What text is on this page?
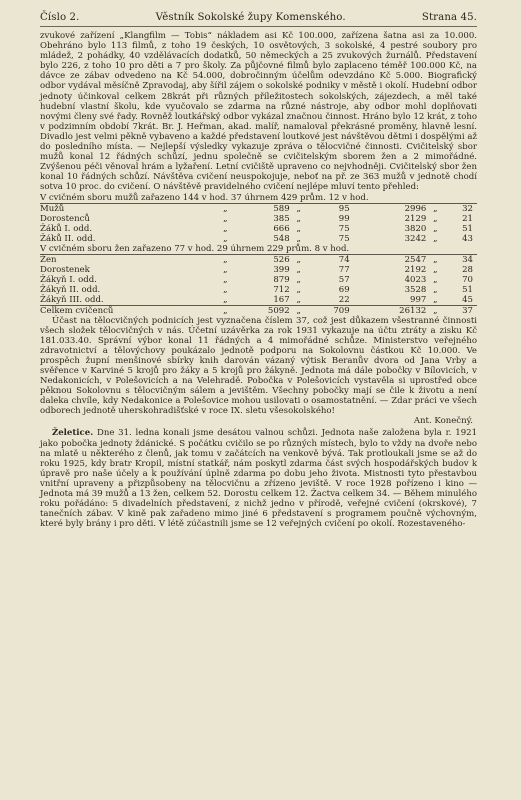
Číslo 2.	Věstník Sokolské župy Komenského.	Strana 45.

zvukové zařízení „Klangfilm — Tobis“ nákladem asi Kč 100.000, zařízena šatna asi za 10.000. Obehráno bylo 113 filmů, z toho 19 českých, 10 osvětových, 3 sokolské, 4 pestré soubory pro mládež, 2 pohádky, 40 vzdělávacích dodatků, 50 německých a 25 zvukových žurnálů. Představení bylo 226, z toho 10 pro děti a 7 pro školy. Za půjčovné filmů bylo zaplaceno téměř 100.000 Kč, na dávce ze zábav odvedeno na Kč 54.000, dobročinným účelům odevzdáno Kč 5.000. Biografický odbor vydával měsíčně Zpravodaj, aby šířil zájem o sokolské podniky v městě i okolí. Hudební odbor jednoty účinkoval celkem 28krát při různých příležitostech sokolských, zájezdech, a měl také hudební vlastní školu, kde vyučovalo se zdarma na různé nástroje, aby odbor mohl doplňovati novými členy své řady. Rovněž loutkářský odbor vykázal značnou činnost. Hráno bylo 12 krát, z toho v podzimním období 7krát. Br. J. Heřman, akad. malíř, namaloval překrásné proměny, hlavně lesní. Divadlo jest velmi pěkně vybaveno a každé představení loutkové jest návštěvou dětmi i dospělými až do posledního místa. — Nejlepší výsledky vykazuje zpráva o tělocvičné činnosti. Cvičitelský sbor mužů konal 12 řádných schůzí, jednu společně se cvičitelským sborem žen a 2 mimořádné. Zvýšenou péči věnoval hrám a lyžaření. Letní cvičiště upraveno co nejvhodněji. Cvičitelský sbor žen konal 10 řádných schůzí. Návštěva cvičení neuspokojuje, neboť na př. ze 363 mužů v jednotě chodí sotva 10 proc. do cvičení. O návštěvě pravidelného cvičení nejlépe mluví tento přehled:

V cvičném sboru mužů zařazeno 144 v hod. 37 úhrnem 429 prům. 12 v hod.							
Mužů	„	589	„	95	2996	„	32
Dorostenců	„	385	„	99	2129	„	21
Žáků I. odd.	„	666	„	75	3820	„	51
Žáků II. odd.	„	548	„	75	3242	„	43
V cvičném sboru žen zařazeno 77 v hod. 29 úhrnem 229 prům. 8 v hod.							
Žen	„	526	„	74	2547	„	34
Dorostenek	„	399	„	77	2192	„	28
Žákyň I. odd.	„	879	„	57	4023	„	70
Žákyň II. odd.	„	712	„	69	3528	„	51
Žákyň III. odd.	„	167	„	22	997	„	45
Celkem cvičenců	„	5092	„	709	26132	„	37

Účast na tělocvičných podnicích jest vyznačena číslem 37, což jest důkazem všestranné činnosti všech složek tělocvičných v nás. Účetní uzávěrka za rok 1931 vykazuje na účtu ztráty a zisku Kč 181.033.40. Správní výbor konal 11 řádných a 4 mimořádné schůze. Ministerstvo veřejného zdravotnictví a tělovýchovy poukázalo jednotě podporu na Sokolovnu částkou Kč 10.000. Ve prospěch župní menšinové sbírky knih darován vázaný výtisk Beranův dvora od Jana Vrby a svěřence v Karviné 5 krojů pro žáky a 5 krojů pro žákyně. Jednota má dále pobočky v Bílovicích, v Nedakonicích, v Polešovicích a na Velehradě. Pobočka v Polešovicích vystavěla si uprostřed obce pěknou Sokolovnu s tělocvičným sálem a jevištěm. Všechny pobočky mají se čile k životu a není daleka chvíle, kdy Nedakonice a Polešovice mohou usilovati o osamostatnění. — Zdar práci ve všech odborech jednotě uherskohradišťské v roce IX. sletu všesokolského!

Ant. Konečný.

Želetice. Dne 31. ledna konali jsme desátou valnou schůzi. Jednota naše založena byla r. 1921 jako pobočka jednoty ždánické. S počátku cvičilo se po různých místech, bylo to vždy na dvoře nebo na mlatě u některého z členů, jak tomu v začátcích na venkově bývá. Tak protloukali jsme se až do roku 1925, kdy bratr Kropil, místní statkář, nám poskytl zdarma část svých hospodářských budov k úpravě pro naše účely a k používání úplně zdarma po dobu jeho života. Mistnosti tyto přestavbou vnitřní upraveny a přizpůsobeny na tělocvičnu a zřízeno jeviště. V roce 1928 pořízeno i kino — Jednota má 39 mužů a 13 žen, celkem 52. Dorostu celkem 12. Žactva celkem 34. — Během minulého roku pořádáno: 5 divadelních představení, z nichž jedno v přírodě, veřejné cvičení (okrskové), 7 tanečních zábav. V kině pak zařadeno mimo jiné 6 představení s programem poučně výchovným, které byly brány i pro děti. V létě zúčastnili jsme se 12 veřejných cvičení po okolí. Rozestaveného-
